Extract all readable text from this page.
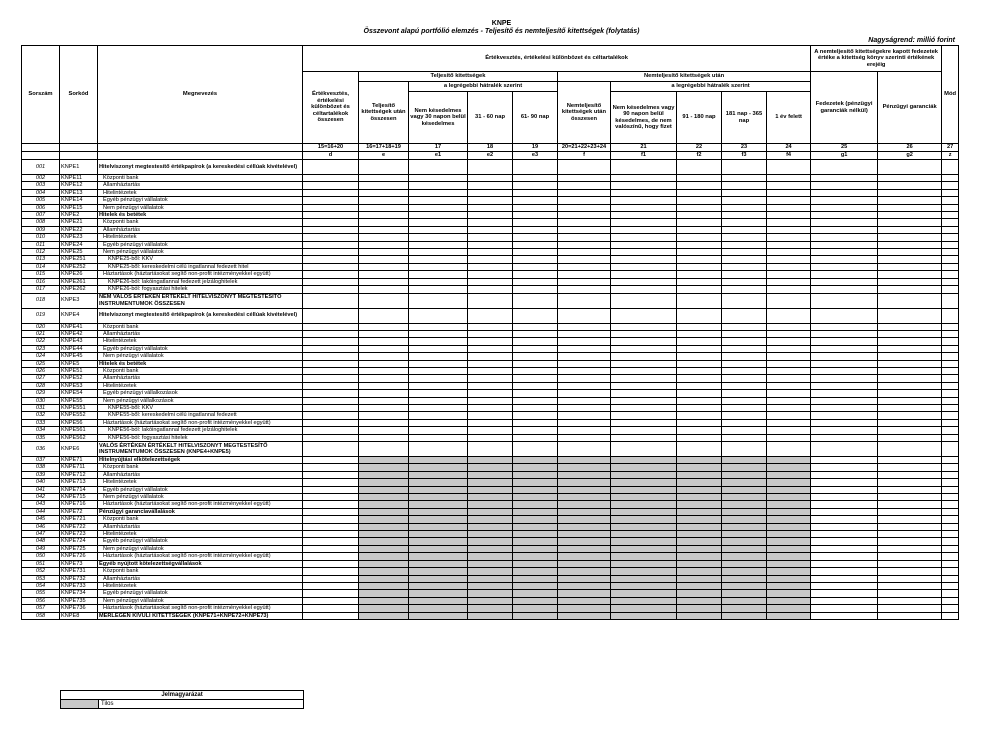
KNPE
Összevont alapú portfólió elemzés - Teljesítő és nemteljesítő kitettségek (folytatás)
Nagyságrend: millió forint
Sorszám	Sorkód	Megnevezés	Értékvesztés, értékelési különbözet és céltartalékok										A nemteljesítő kitettségekre kapott fedezetek értéke a kitettség könyv szerinti értékének erejéig		Mód
			Értékvesztés, értékelési különbözet és céltartalékok összesen	Teljesítő kitettségek				Nemteljesítő kitettségek után					Fedezetek (pénzügyi garanciák nélkül)	Pénzügyi garanciák	
				Teljesítő kitettségek után összesen	a legrégebbi hátralék szerint			Nemteljesítő kitettségek után összesen	a legrégebbi hátralék szerint						
					Nem késedelmes vagy 30 napon belül késedelmes	31 - 60 nap	61- 90 nap		Nem késedelmes vagy 90 napon belül késedelmes, de nem valószínű, hogy fizet	91 - 180 nap	181 nap - 365 nap	1 év felett			
			15=16+20	16=17+18+19	17	18	19	20=21+22+23+24	21	22	23	24	25	26	27
			d	e	e1	e2	e3	f	f1	f2	f3	f4	g1	g2	z
001	KNPE1	Hitelviszonyt megtestesítő értékpapírok (a kereskedési céllúak kivételével)													
002	KNPE11	Központi bank													
003	KNPE12	Államháztartás													
004	KNPE13	Hitelintézetek													
005	KNPE14	Egyéb pénzügyi vállalatok													
006	KNPE15	Nem pénzügyi vállalatok													
007	KNPE2	Hitelek és betétek													
008	KNPE21	Központi bank													
009	KNPE22	Államháztartás													
010	KNPE23	Hitelintézetek													
011	KNPE24	Egyéb pénzügyi vállalatok													
012	KNPE25	Nem pénzügyi vállalatok													
013	KNPE251	KNPE25-ből: KKV													
014	KNPE252	KNPE25-ből: kereskedelmi célú ingatlannal fedezett hitel													
015	KNPE26	Háztartások (háztartásokat segítő non-profit intézményekkel együtt)													
016	KNPE261	KNPE26-ból: lakóingatlannal fedezett jelzáloghitelek													
017	KNPE262	KNPE26-ból: fogyasztási hitelek													
018	KNPE3	NEM VALÓS ÉRTÉKEN ÉRTÉKELT HITELVISZONYT MEGTESTESÍTŐ INSTRUMENTUMOK ÖSSZESEN													
019	KNPE4	Hitelviszonyt megtestesítő értékpapírok (a kereskedési céllúak kivételével)													
020	KNPE41	Központi bank													
021	KNPE42	Államháztartás													
022	KNPE43	Hitelintézetek													
023	KNPE44	Egyéb pénzügyi vállalatok													
024	KNPE45	Nem pénzügyi vállalatok													
025	KNPE5	Hitelek és betétek													
026	KNPE51	Központi bank													
027	KNPE52	Államháztartás													
028	KNPE53	Hitelintézetek													
029	KNPE54	Egyéb pénzügyi vállalkozások													
030	KNPE55	Nem pénzügyi vállalkozások													
031	KNPE551	KNPE55-ből: KKV													
032	KNPE552	KNPE55-ből: kereskedelmi célú ingatlannal fedezett													
033	KNPE56	Háztartások (háztartásokat segítő non-profit intézményekkel együtt)													
034	KNPE561	KNPE56-ból: lakóingatlannal fedezett jelzáloghitelek													
035	KNPE562	KNPE56-ból: fogyasztási hitelek													
036	KNPE6	VALÓS ÉRTÉKEN ÉRTÉKELT HITELVISZONYT MEGTESTESÍTŐ INSTRUMENTUMOK ÖSSZESEN (KNPE4+KNPE5)													
037	KNPE71	Hitelnyújtási elkötelezettségek													
038	KNPE711	Központi bank													
039	KNPE712	Államháztartás													
040	KNPE713	Hitelintézetek													
041	KNPE714	Egyéb pénzügyi vállalatok													
042	KNPE715	Nem pénzügyi vállalatok													
043	KNPE716	Háztartások (háztartásokat segítő non-profit intézményekkel együtt)													
044	KNPE72	Pénzügyi garanciavállalások													
045	KNPE721	Központi bank													
046	KNPE722	Államháztartás													
047	KNPE723	Hitelintézetek													
048	KNPE724	Egyéb pénzügyi vállalatok													
049	KNPE725	Nem pénzügyi vállalatok													
050	KNPE726	Háztartások (háztartásokat segítő non-profit intézményekkel együtt)													
051	KNPE73	Egyéb nyújtott kötelezettségvállalások													
052	KNPE731	Központi bank													
053	KNPE732	Államháztartás													
054	KNPE733	Hitelintézetek													
055	KNPE734	Egyéb pénzügyi vállalatok													
056	KNPE735	Nem pénzügyi vállalatok													
057	KNPE736	Háztartások (háztartásokat segítő non-profit intézményekkel együtt)													
058	KNPE8	MÉRLEGEN KÍVÜLI KITETTSÉGEK (KNPE71+KNPE72+KNPE73)													
Jelmagyarázat
	Tilos
